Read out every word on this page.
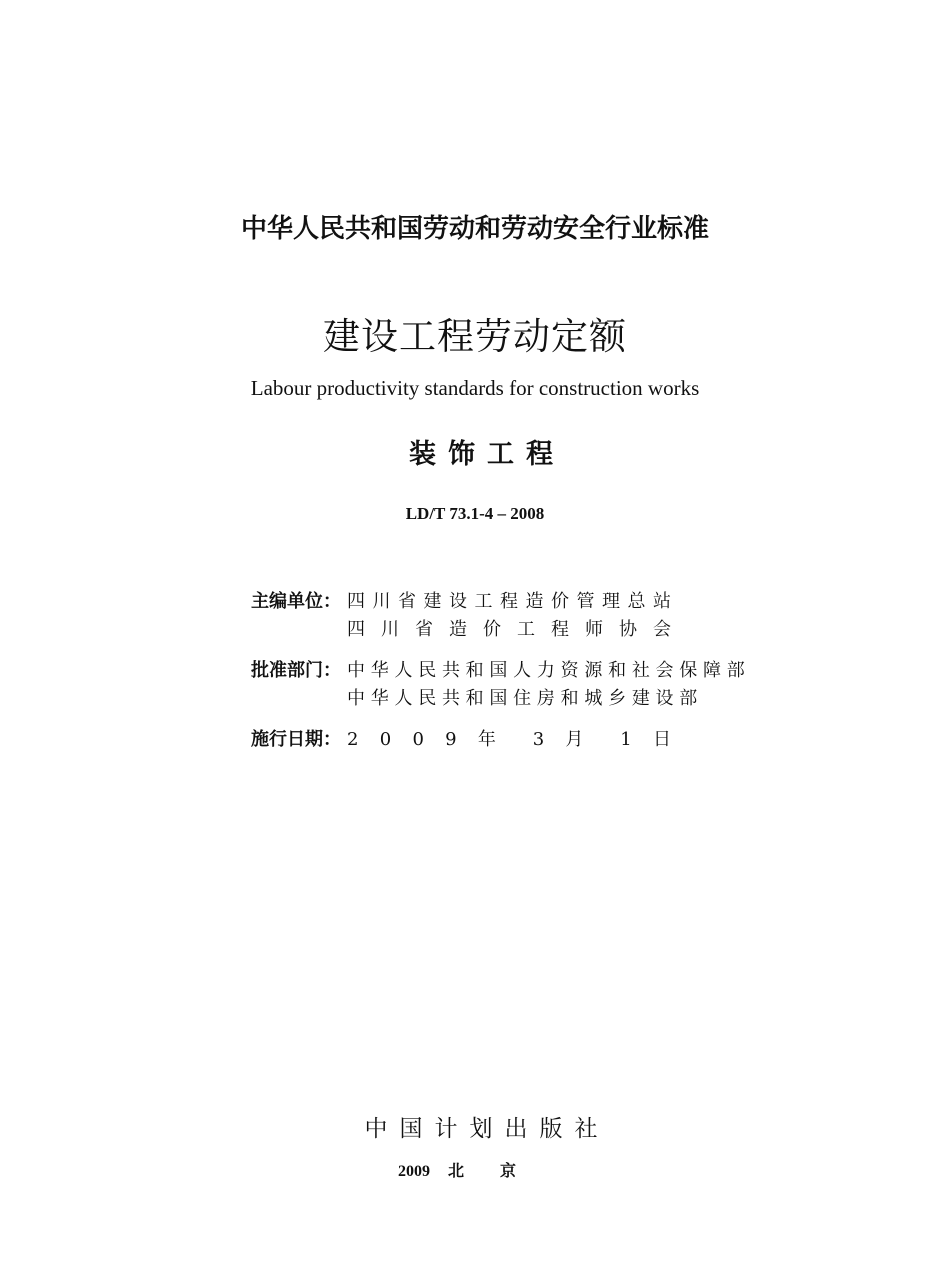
中华人民共和国劳动和劳动安全行业标准
建设工程劳动定额
Labour productivity standards for construction works
装饰工程
LD/T 73.1-4 – 2008
主编单位： 四 川 省 建 设 工 程 造 价 管 理 总 站
四 川 省 造 价 工 程 师 协 会
批准部门： 中 华 人 民 共 和 国 人 力 资 源 和 社 会 保 障 部
中 华 人 民 共 和 国 住 房 和 城 乡 建 设 部
施行日期： 2 0 0 9 年 3 月 1 日
中国计划出版社
2009 北京
